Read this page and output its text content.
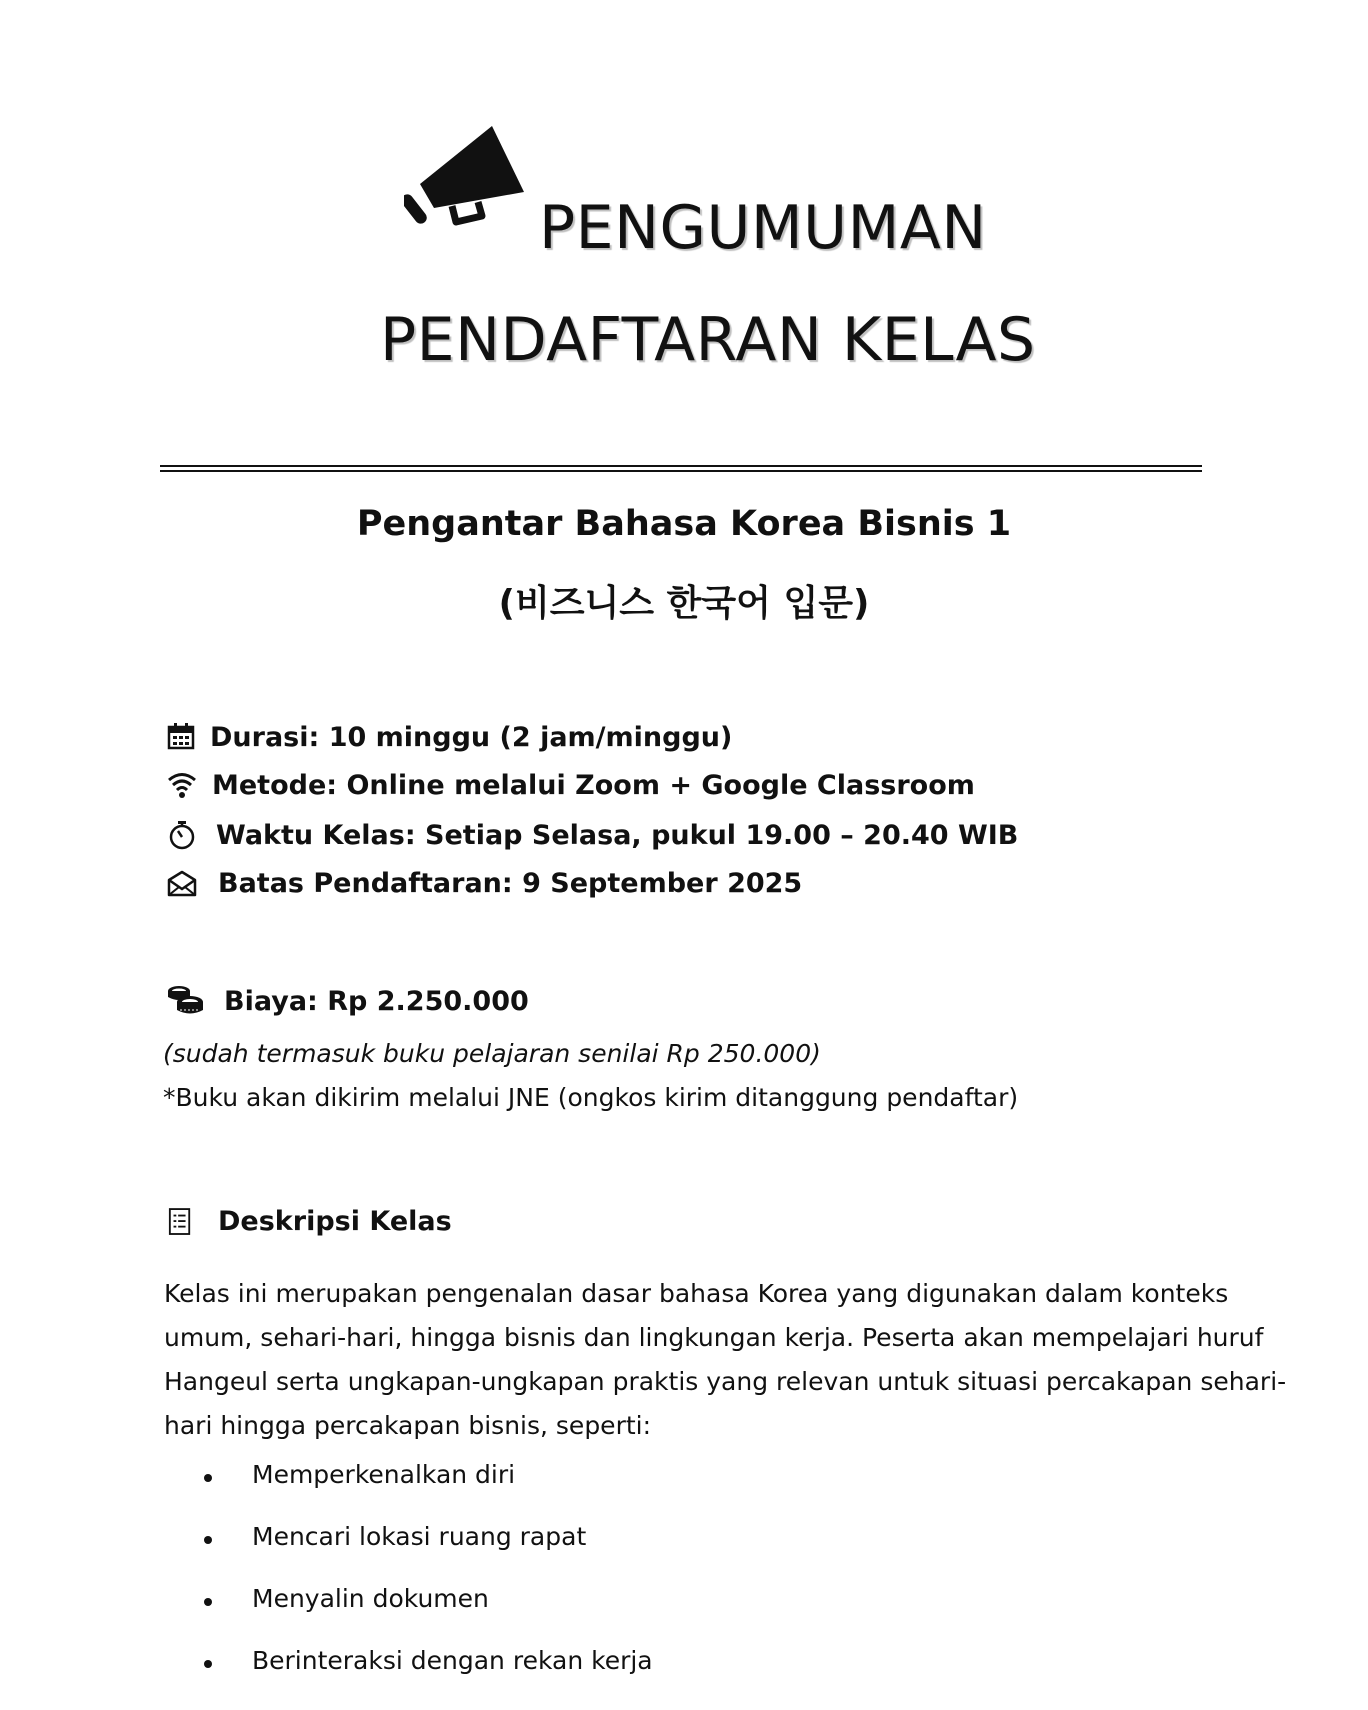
PENGUMUMAN
PENDAFTARAN KELAS
Pengantar Bahasa Korea Bisnis 1
(비즈니스 한국어 입문)
Durasi: 10 minggu (2 jam/minggu)
Metode: Online melalui Zoom + Google Classroom
Waktu Kelas: Setiap Selasa, pukul 19.00 – 20.40 WIB
Batas Pendaftaran: 9 September 2025
Biaya: Rp 2.250.000
(sudah termasuk buku pelajaran senilai Rp 250.000)
*Buku akan dikirim melalui JNE (ongkos kirim ditanggung pendaftar)
Deskripsi Kelas
Kelas ini merupakan pengenalan dasar bahasa Korea yang digunakan dalam konteks
umum, sehari-hari, hingga bisnis dan lingkungan kerja. Peserta akan mempelajari huruf
Hangeul serta ungkapan-ungkapan praktis yang relevan untuk situasi percakapan sehari-
hari hingga percakapan bisnis, seperti:
Memperkenalkan diri
Mencari lokasi ruang rapat
Menyalin dokumen
Berinteraksi dengan rekan kerja
